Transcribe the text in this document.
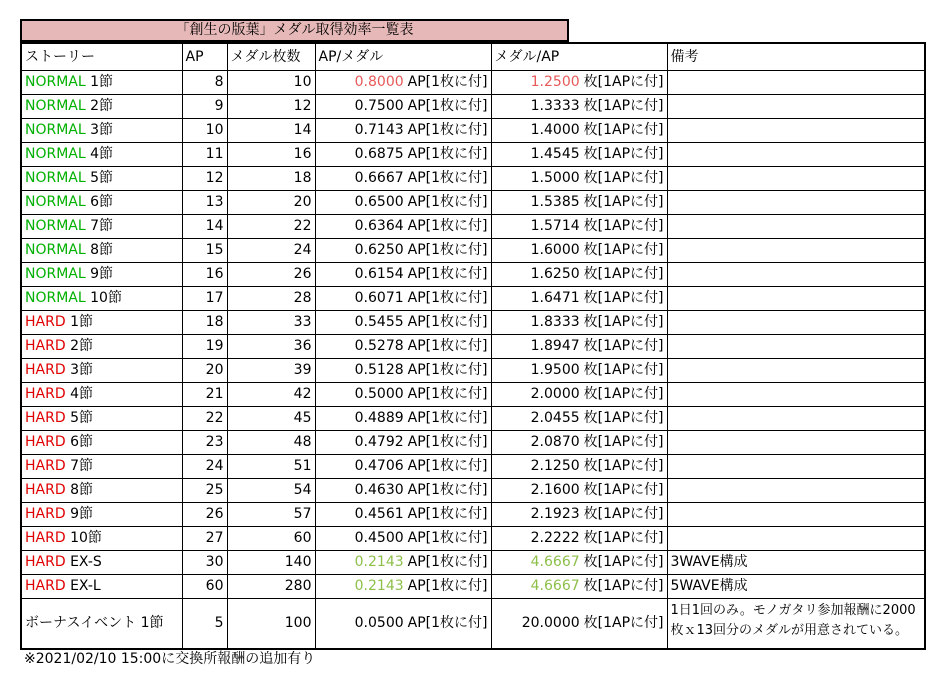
「創生の版葉」メダル取得効率一覧表
ストーリー	AP	メダル枚数	AP/メダル	メダル/AP	備考
NORMAL 1節	8	10	0.8000 AP[1枚に付]	1.2500 枚[1APに付]	
NORMAL 2節	9	12	0.7500 AP[1枚に付]	1.3333 枚[1APに付]	
NORMAL 3節	10	14	0.7143 AP[1枚に付]	1.4000 枚[1APに付]	
NORMAL 4節	11	16	0.6875 AP[1枚に付]	1.4545 枚[1APに付]	
NORMAL 5節	12	18	0.6667 AP[1枚に付]	1.5000 枚[1APに付]	
NORMAL 6節	13	20	0.6500 AP[1枚に付]	1.5385 枚[1APに付]	
NORMAL 7節	14	22	0.6364 AP[1枚に付]	1.5714 枚[1APに付]	
NORMAL 8節	15	24	0.6250 AP[1枚に付]	1.6000 枚[1APに付]	
NORMAL 9節	16	26	0.6154 AP[1枚に付]	1.6250 枚[1APに付]	
NORMAL 10節	17	28	0.6071 AP[1枚に付]	1.6471 枚[1APに付]	
HARD 1節	18	33	0.5455 AP[1枚に付]	1.8333 枚[1APに付]	
HARD 2節	19	36	0.5278 AP[1枚に付]	1.8947 枚[1APに付]	
HARD 3節	20	39	0.5128 AP[1枚に付]	1.9500 枚[1APに付]	
HARD 4節	21	42	0.5000 AP[1枚に付]	2.0000 枚[1APに付]	
HARD 5節	22	45	0.4889 AP[1枚に付]	2.0455 枚[1APに付]	
HARD 6節	23	48	0.4792 AP[1枚に付]	2.0870 枚[1APに付]	
HARD 7節	24	51	0.4706 AP[1枚に付]	2.1250 枚[1APに付]	
HARD 8節	25	54	0.4630 AP[1枚に付]	2.1600 枚[1APに付]	
HARD 9節	26	57	0.4561 AP[1枚に付]	2.1923 枚[1APに付]	
HARD 10節	27	60	0.4500 AP[1枚に付]	2.2222 枚[1APに付]	
HARD EX-S	30	140	0.2143 AP[1枚に付]	4.6667 枚[1APに付]	3WAVE構成
HARD EX-L	60	280	0.2143 AP[1枚に付]	4.6667 枚[1APに付]	5WAVE構成
ボーナスイベント 1節	5	100	0.0500 AP[1枚に付]	20.0000 枚[1APに付]	1日1回のみ。モノガタリ参加報酬に2000枚ｘ13回分のメダルが用意されている。
※2021/02/10 15:00に交換所報酬の追加有り
